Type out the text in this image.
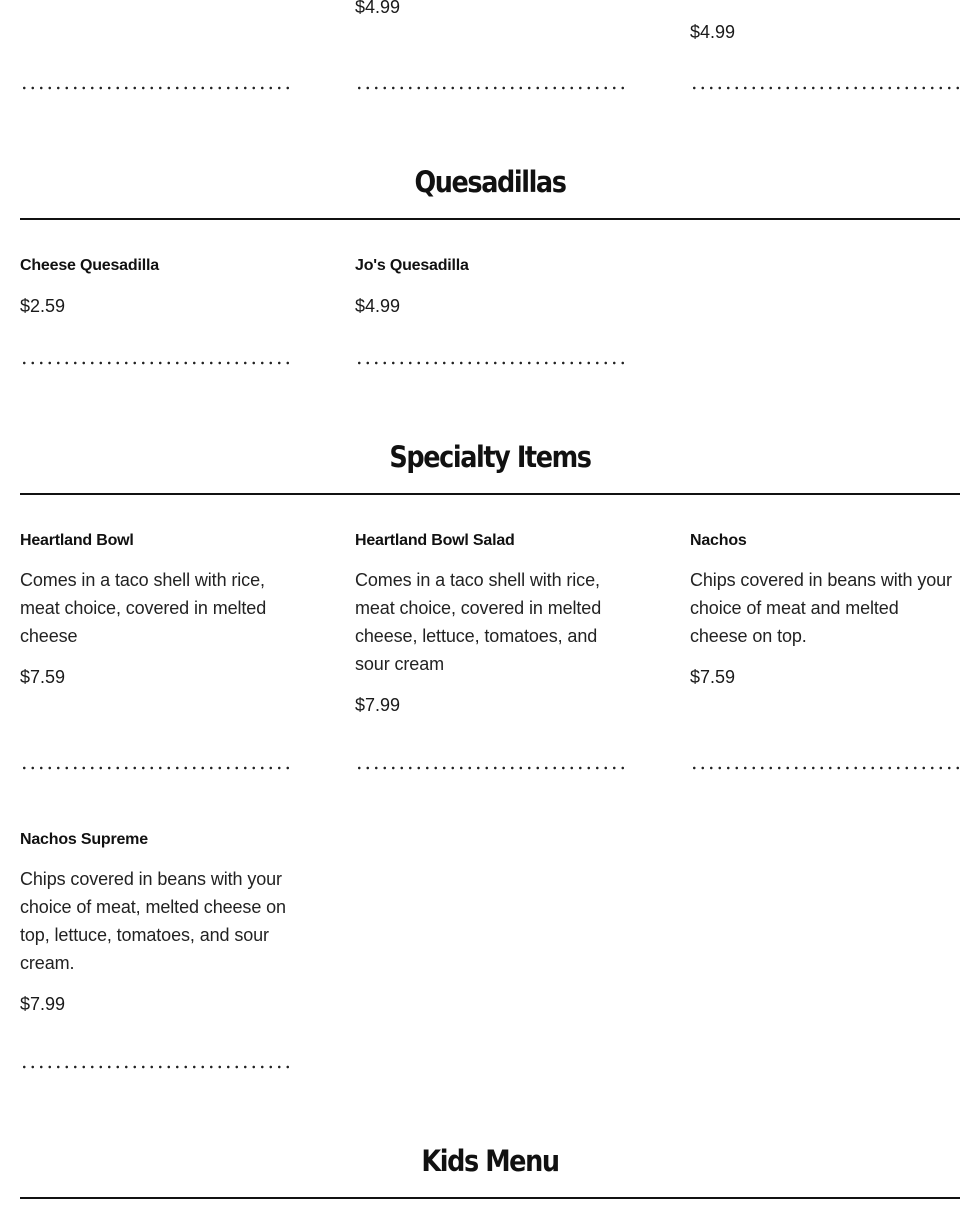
$4.99

$4.99

Quesadillas

Cheese Quesadilla

$2.59

Jo's Quesadilla

$4.99

Specialty Items

Heartland Bowl

Comes in a taco shell with rice, meat choice, covered in melted cheese

$7.59

Heartland Bowl Salad

Comes in a taco shell with rice, meat choice, covered in melted cheese, lettuce, tomatoes, and sour cream

$7.99

Nachos

Chips covered in beans with your choice of meat and melted cheese on top.

$7.59

Nachos Supreme

Chips covered in beans with your choice of meat, melted cheese on top, lettuce, tomatoes, and sour cream.

$7.99

Kids Menu
